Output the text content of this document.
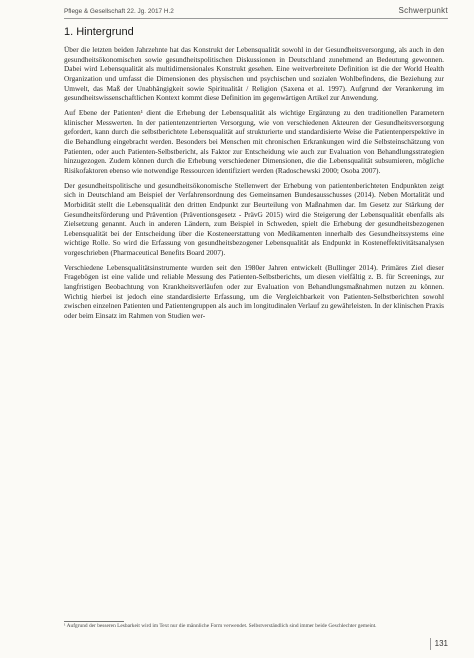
Pflege & Gesellschaft 22. Jg. 2017 H.2	Schwerpunkt
1. Hintergrund

Über die letzten beiden Jahrzehnte hat das Konstrukt der Lebensqualität sowohl in der Gesundheitsversorgung, als auch in den gesundheitsökonomischen sowie gesundheitspolitischen Diskussionen in Deutschland zunehmend an Bedeutung gewonnen. Dabei wird Lebensqualität als multidimensionales Konstrukt gesehen. Eine weitverbreitete Definition ist die der World Health Organization und umfasst die Dimensionen des physischen und psychischen und sozialen Wohlbefindens, die Beziehung zur Umwelt, das Maß der Unabhängigkeit sowie Spiritualität / Religion (Saxena et al. 1997). Aufgrund der Verankerung im gesundheitswissenschaftlichen Kontext kommt diese Definition im gegenwärtigen Artikel zur Anwendung.

Auf Ebene der Patienten¹ dient die Erhebung der Lebensqualität als wichtige Ergänzung zu den traditionellen Parametern klinischer Messwerten. In der patientenzentrierten Versorgung, wie von verschiedenen Akteuren der Gesundheitsversorgung gefordert, kann durch die selbstberichtete Lebensqualität auf strukturierte und standardisierte Weise die Patientenperspektive in die Behandlung eingebracht werden. Besonders bei Menschen mit chronischen Erkrankungen wird die Selbsteinschätzung von Patienten, oder auch Patienten-Selbstbericht, als Faktor zur Entscheidung wie auch zur Evaluation von Behandlungsstrategien hinzugezogen. Zudem können durch die Erhebung verschiedener Dimensionen, die die Lebensqualität subsumieren, mögliche Risikofaktoren ebenso wie notwendige Ressourcen identifiziert werden (Radoschewski 2000; Osoba 2007).

Der gesundheitspolitische und gesundheitsökonomische Stellenwert der Erhebung von patientenberichteten Endpunkten zeigt sich in Deutschland am Beispiel der Verfahrensordnung des Gemeinsamen Bundesausschusses (2014). Neben Mortalität und Morbidität stellt die Lebensqualität den dritten Endpunkt zur Beurteilung von Maßnahmen dar. Im Gesetz zur Stärkung der Gesundheitsförderung und Prävention (Präventionsgesetz - PrävG 2015) wird die Steigerung der Lebensqualität ebenfalls als Zielsetzung genannt. Auch in anderen Ländern, zum Beispiel in Schweden, spielt die Erhebung der gesundheitsbezogenen Lebensqualität bei der Entscheidung über die Kosteneerstattung von Medikamenten innerhalb des Gesundheitssystems eine wichtige Rolle. So wird die Erfassung von gesundheitsbezogener Lebensqualität als Endpunkt in Kosteneffektivitätsanalysen vorgeschrieben (Pharmaceutical Benefits Board 2007).

Verschiedene Lebensqualitätsinstrumente wurden seit den 1980er Jahren entwickelt (Bullinger 2014). Primäres Ziel dieser Fragebögen ist eine valide und reliable Messung des Patienten-Selbstberichts, um diesen vielfältig z. B. für Screenings, zur langfristigen Beobachtung von Krankheitsverläufen oder zur Evaluation von Behandlungsmaßnahmen nutzen zu können. Wichtig hierbei ist jedoch eine standardisierte Erfassung, um die Vergleichbarkeit von Patienten-Selbstberichten sowohl zwischen einzelnen Patienten und Patientengruppen als auch im longitudinalen Verlauf zu gewährleisten. In der klinischen Praxis oder beim Einsatz im Rahmen von Studien wer-

¹ Aufgrund der besseren Lesbarkeit wird im Text nur die männliche Form verwendet. Selbstverständlich sind immer beide Geschlechter gemeint.
131
